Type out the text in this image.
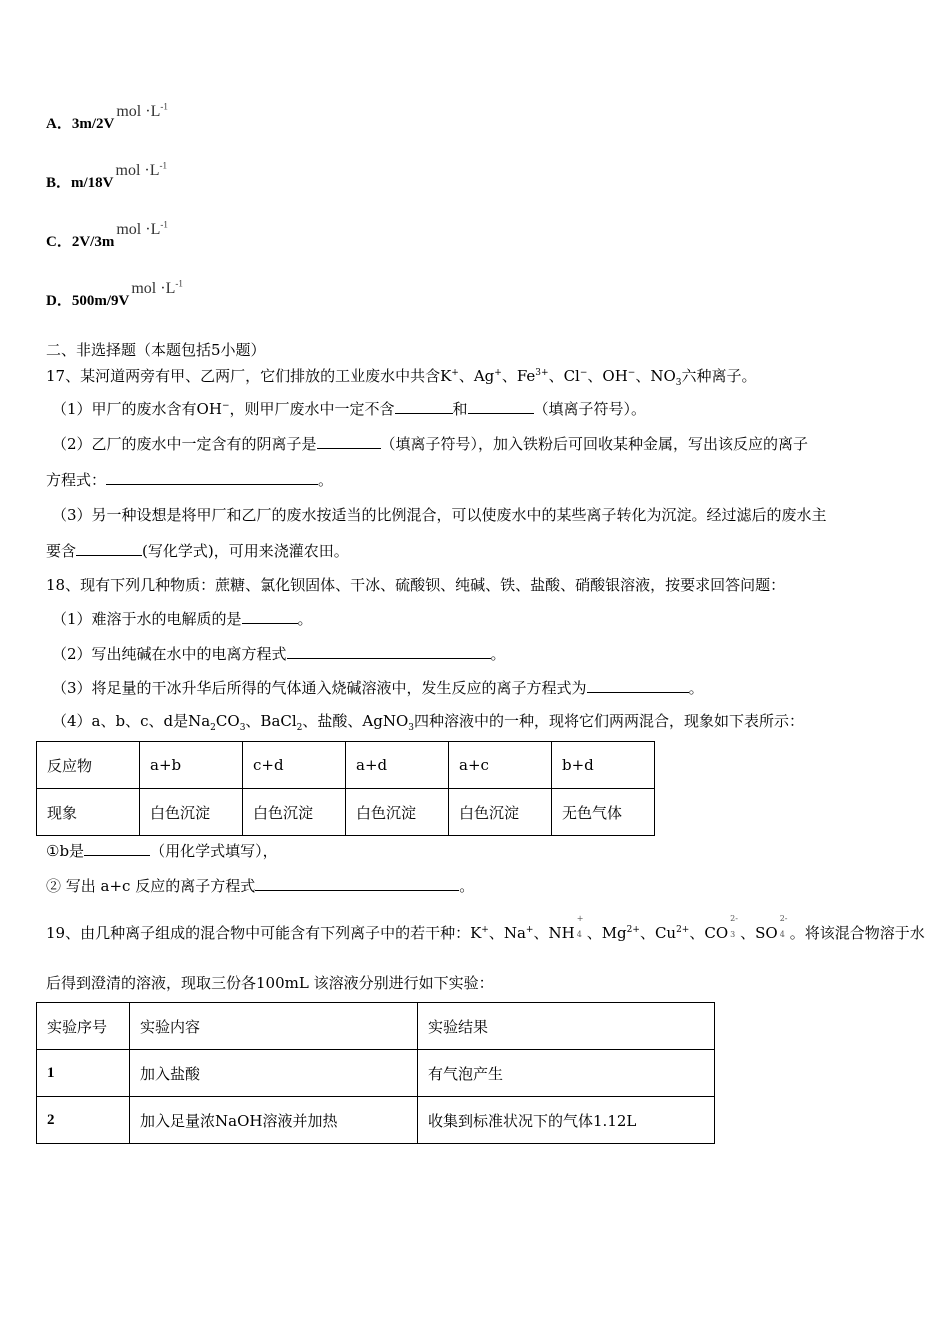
A．3m/2Vmol $\cdot L^{-1}$
B．m/18Vmol $\cdot L^{-1}$
C．2V/3mmol $\cdot L^{-1}$
D．500m/9Vmol $\cdot L^{-1}$
二、非选择题（本题包括5小题）
17、某河道两旁有甲、乙两厂，它们排放的工业废水中共含K+、Ag+、$Fe^{3+}$、Cl−、OH−、$NO_3$六种离子。
（1）甲厂的废水含有OH−，则甲厂废水中一定不含	和	（填离子符号）。
（2）乙厂的废水中一定含有的阴离子是	（填离子符号），加入铁粉后可回收某种金属，写出该反应的离子
方程式：	。
（3）另一种设想是将甲厂和乙厂的废水按适当的比例混合，可以使废水中的某些离子转化为沉淀。经过滤后的废水主
要含	(写化学式)，可用来浇灌农田。
18、现有下列几种物质：蔗糖、氯化钡固体、干冰、硫酸钡、纯碱、铁、盐酸、硝酸银溶液，按要求回答问题：
（1）难溶于水的电解质的是	。
（2）写出纯碱在水中的电离方程式	。
（3）将足量的干冰升华后所得的气体通入烧碱溶液中，发生反应的离子方程式为	。
（4）a、b、c、d是$Na_2CO_3$、BaCl$_2$、盐酸、AgNO$_3$四种溶液中的一种，现将它们两两混合，现象如下表所示：
反应物	a+b	c+d	a+d	a+c	b+d
现象	白色沉淀	白色沉淀	白色沉淀	白色沉淀	无色气体
①b是	（用化学式填写），
② 写出 a+c 反应的离子方程式	。
19、由几种离子组成的混合物中可能含有下列离子中的若干种：K+、Na+、NH
+
4 、$Mg^{2+}$、$Cu^{2+}$、CO
2-
3 、SO
2-
4 。将该混合物溶于水
后得到澄清的溶液，现取三份各100mL 该溶液分别进行如下实验：
实验序号	实验内容	实验结果
1	加入盐酸	有气泡产生
2	加入足量浓NaOH溶液并加热	收集到标准状况下的气体1.12L
